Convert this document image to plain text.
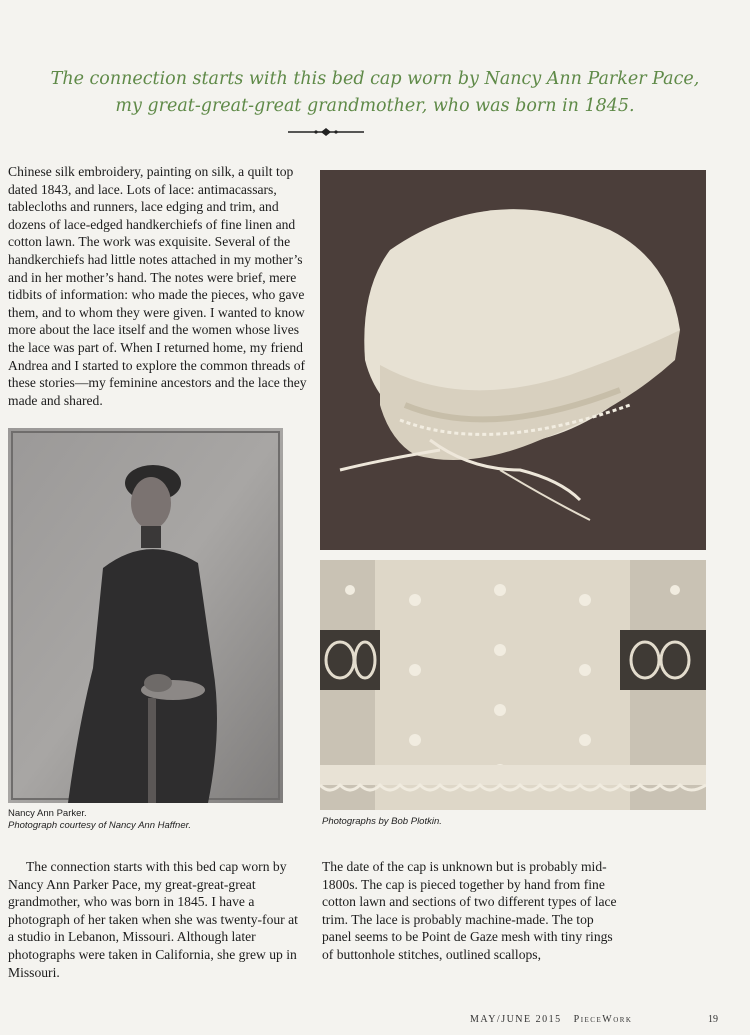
The connection starts with this bed cap worn by Nancy Ann Parker Pace,
my great-great-great grandmother, who was born in 1845.

Chinese silk embroidery, painting on silk, a quilt top dated 1843, and lace. Lots of lace: antimacassars, tablecloths and runners, lace edging and trim, and dozens of lace-edged handkerchiefs of fine linen and cotton lawn. The work was exquisite. Several of the handkerchiefs had little notes attached in my mother’s and in her mother’s hand. The notes were brief, mere tidbits of information: who made the pieces, who gave them, and to whom they were given. I wanted to know more about the lace itself and the women whose lives the lace was part of. When I returned home, my friend Andrea and I started to explore the common threads of these stories—my feminine ancestors and the lace they made and shared.

Nancy Ann Parker.
Photograph courtesy of Nancy Ann Haffner.	Photographs by Bob Plotkin.

The connection starts with this bed cap worn by Nancy Ann Parker Pace, my great-great-great grandmother, who was born in 1845. I have a photograph of her taken when she was twenty-four at a studio in Lebanon, Missouri. Although later photographs were taken in California, she grew up in Missouri.

The date of the cap is unknown but is probably mid-1800s. The cap is pieced together by hand from fine cotton lawn and sections of two different types of lace trim. The lace is probably machine-made. The top panel seems to be Point de Gaze mesh with tiny rings of buttonhole stitches, outlined scallops,

MAY/JUNE 2015 PieceWork	19
